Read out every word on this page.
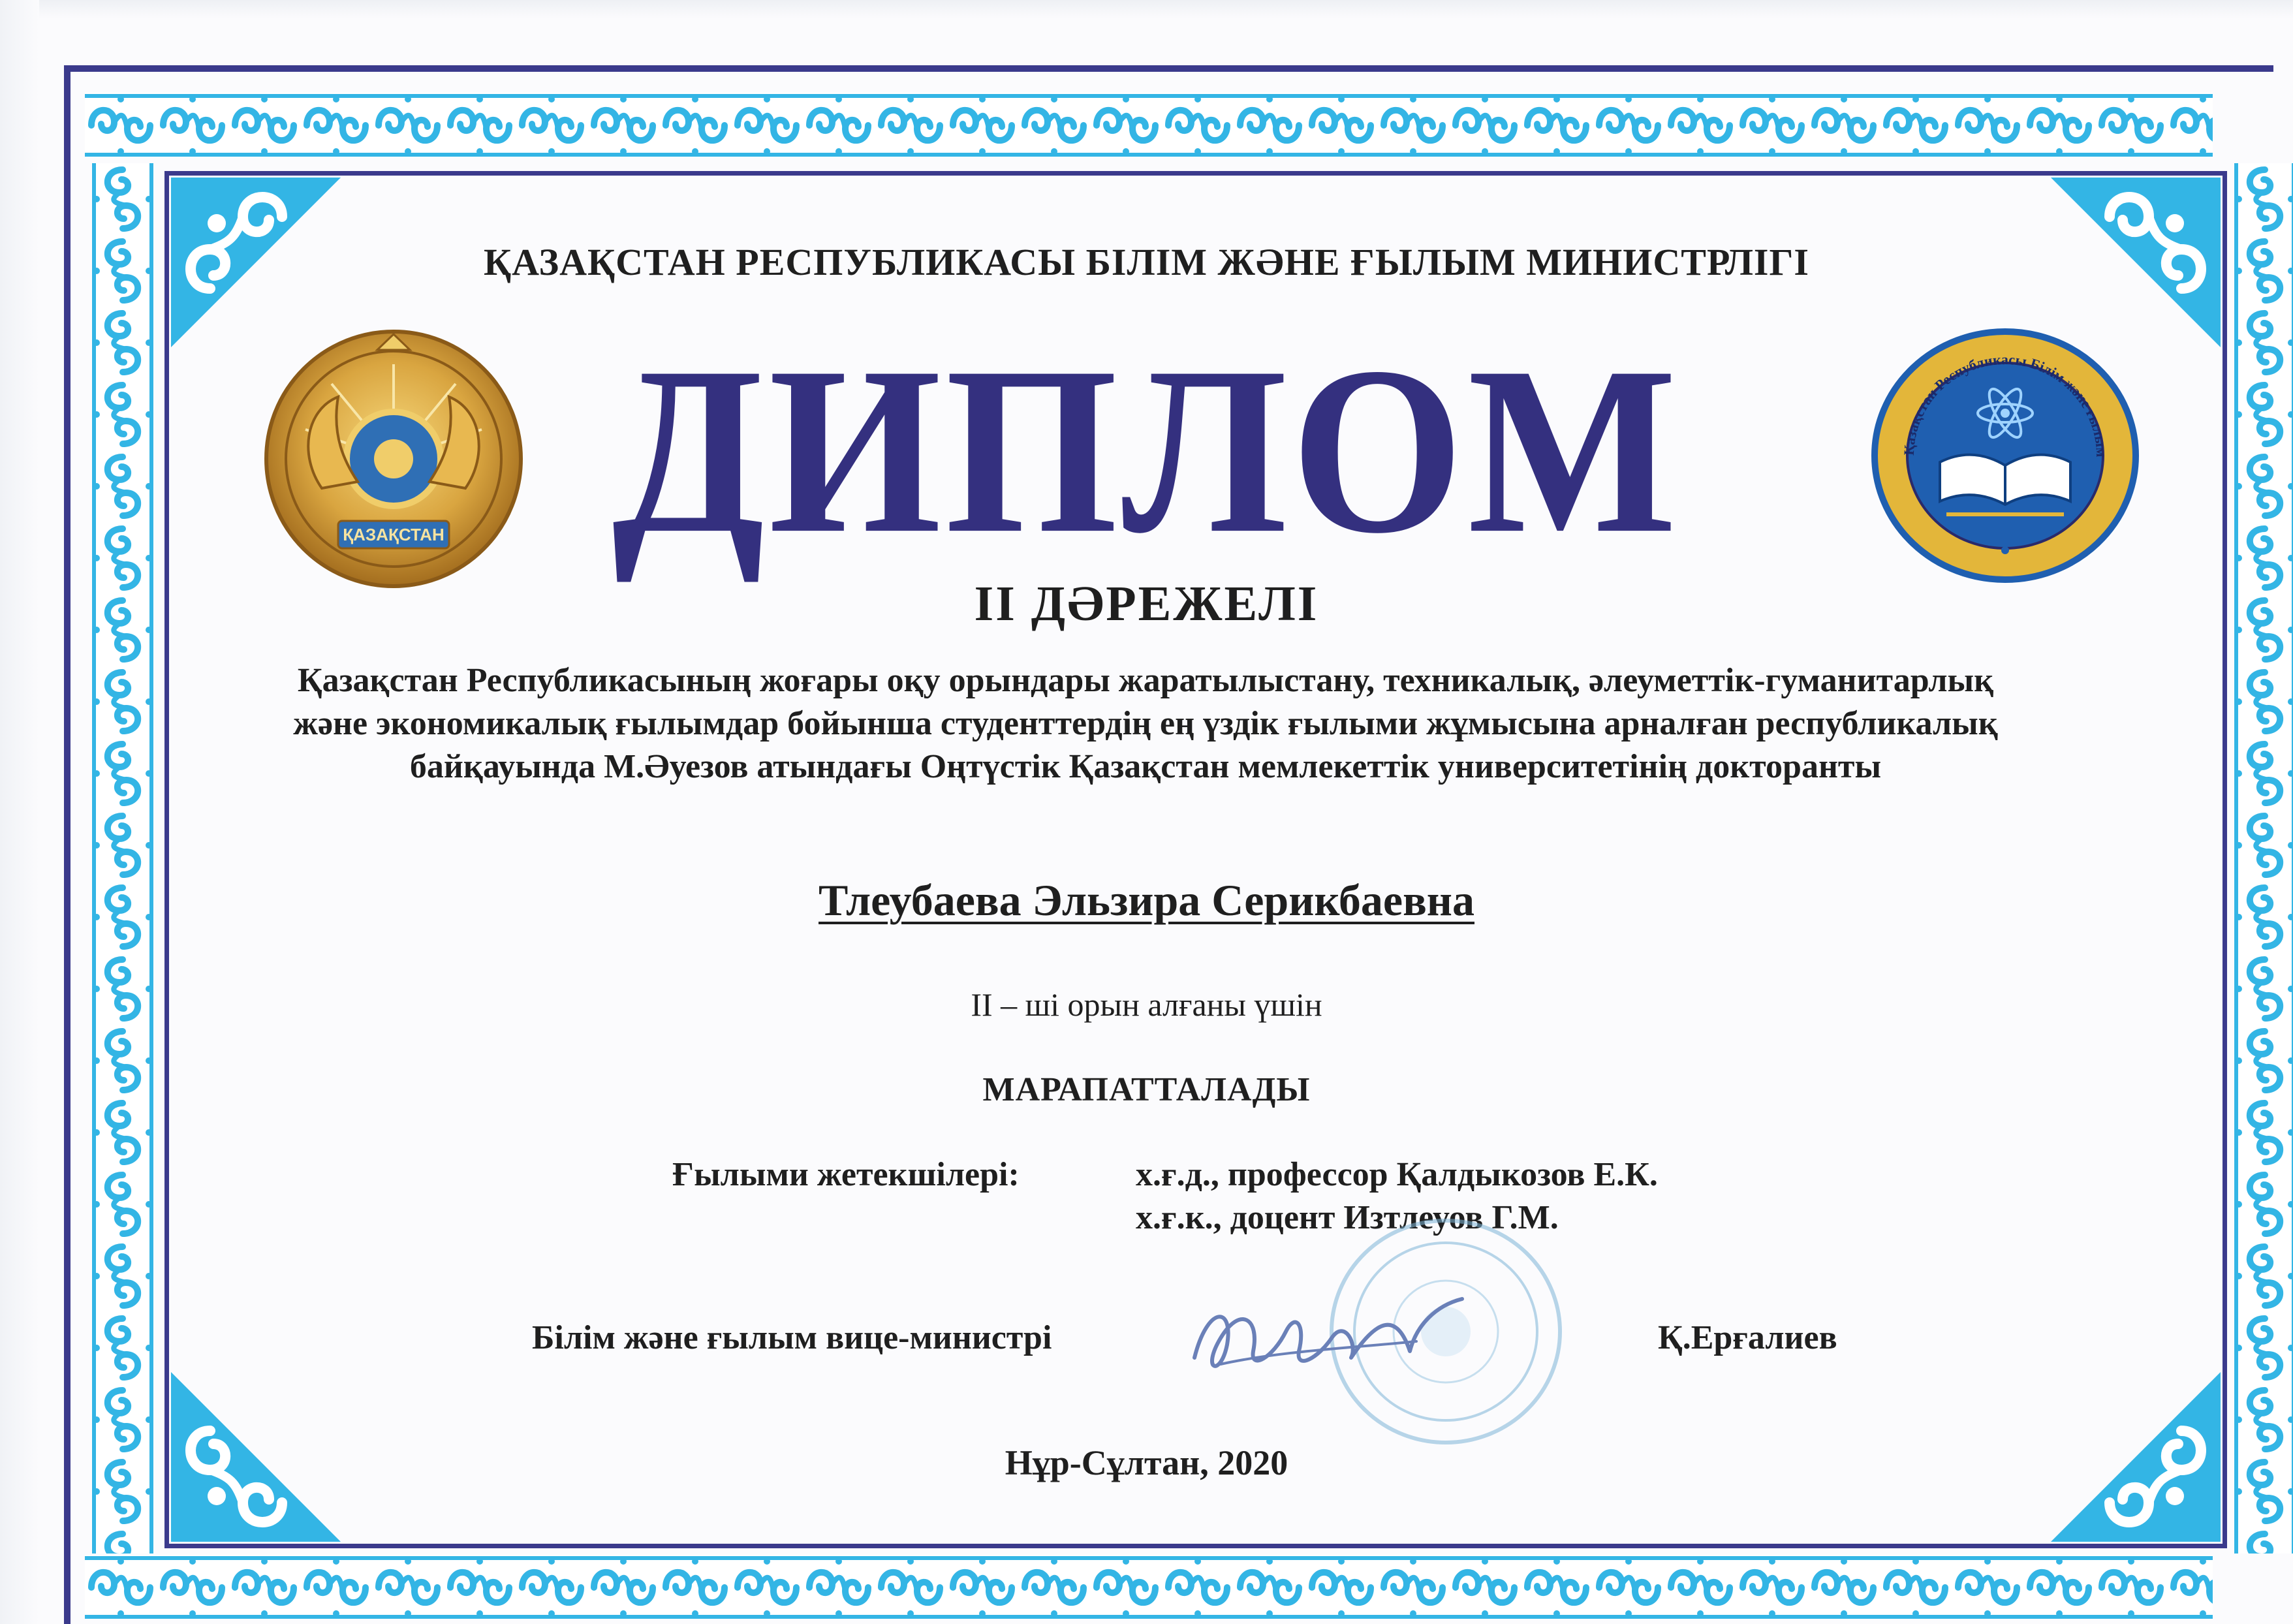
ҚАЗАҚСТАН
Қазақстан Республикасы Білім және ғылым
ҚАЗАҚСТАН РЕСПУБЛИКАСЫ БІЛІМ ЖӘНЕ ҒЫЛЫМ МИНИСТРЛІГІ
ДИПЛОМ
II ДӘРЕЖЕЛІ
Қазақстан Республикасының жоғары оқу орындары жаратылыстану, техникалық, әлеуметтік-гуманитарлық
және экономикалық ғылымдар бойынша студенттердің ең үздік ғылыми жұмысына арналған республикалық
байқауында М.Әуезов атындағы Оңтүстік Қазақстан мемлекеттік университетінің докторанты
Тлеубаева Эльзира Серикбаевна
II – ші орын алғаны үшін
МАРАПАТТАЛАДЫ
Ғылыми жетекшілері:	х.ғ.д., профессор Қалдыкозов Е.К.
х.ғ.к., доцент Изтлеуов Г.М.
Білім және ғылым вице-министрі	Қ.Ерғалиев
Нұр-Сұлтан, 2020
